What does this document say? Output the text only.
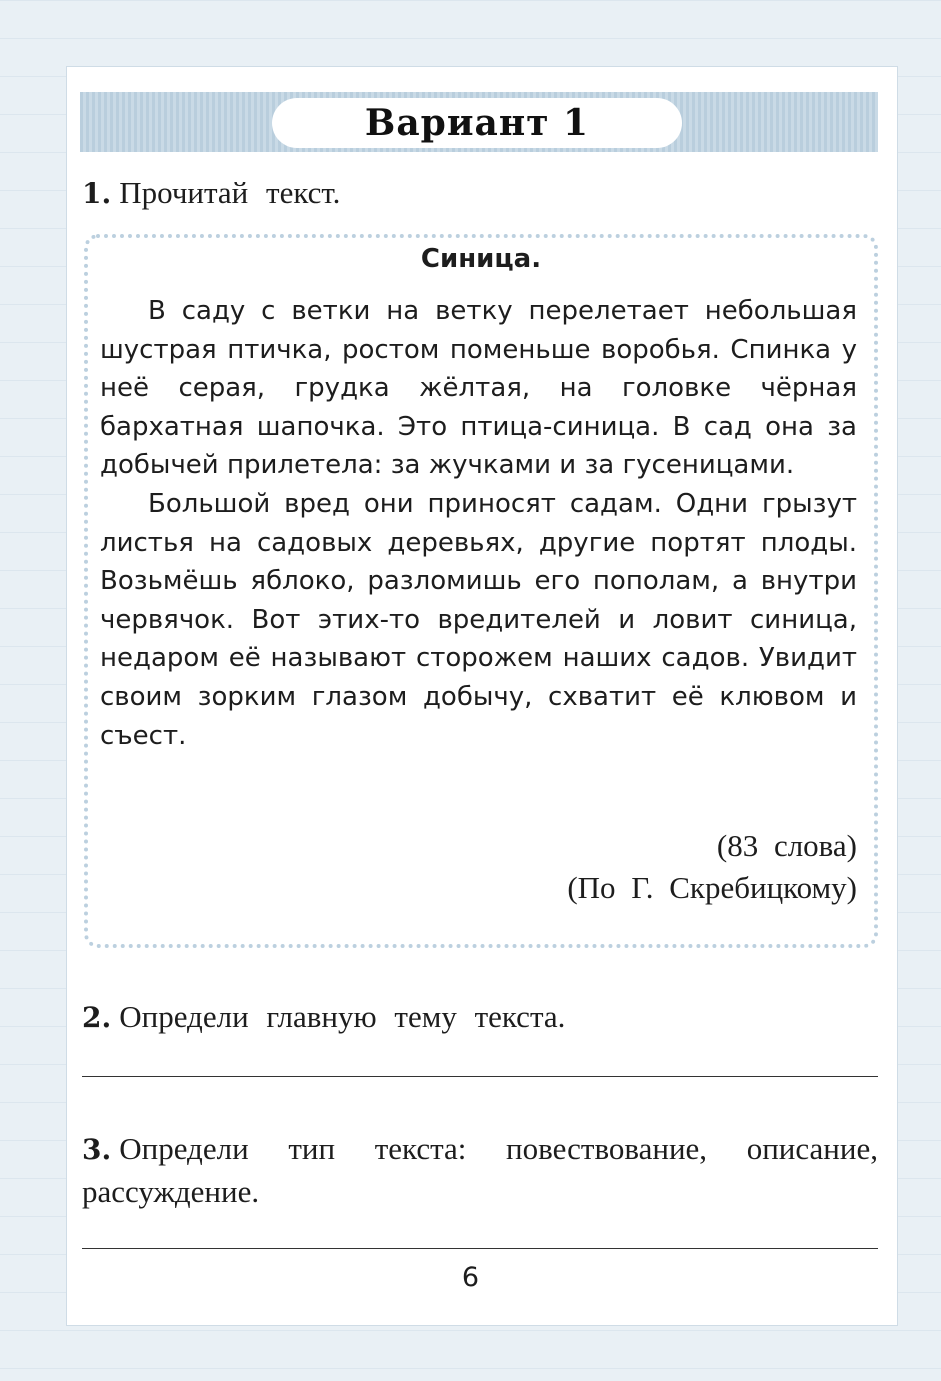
Вариант 1
1. Прочитай текст.
Синица.

В саду с ветки на ветку перелетает небольшая шустрая птичка, ростом поменьше воробья. Спинка у неё серая, грудка жёлтая, на головке чёрная бархатная шапочка. Это птица-синица. В сад она за добычей прилетела: за жучками и за гусеницами.

Большой вред они приносят садам. Одни грызут листья на садовых деревьях, другие портят плоды. Возьмёшь яблоко, разломишь его пополам, а внутри червячок. Вот этих-то вредителей и ловит синица, недаром её называют сторожем наших садов. Увидит своим зорким глазом добычу, схватит её клювом и съест.

(83 слова)
(По Г. Скребицкому)
2. Определи главную тему текста.
3. Определи тип текста: повествование, описание, рассуждение.
6
